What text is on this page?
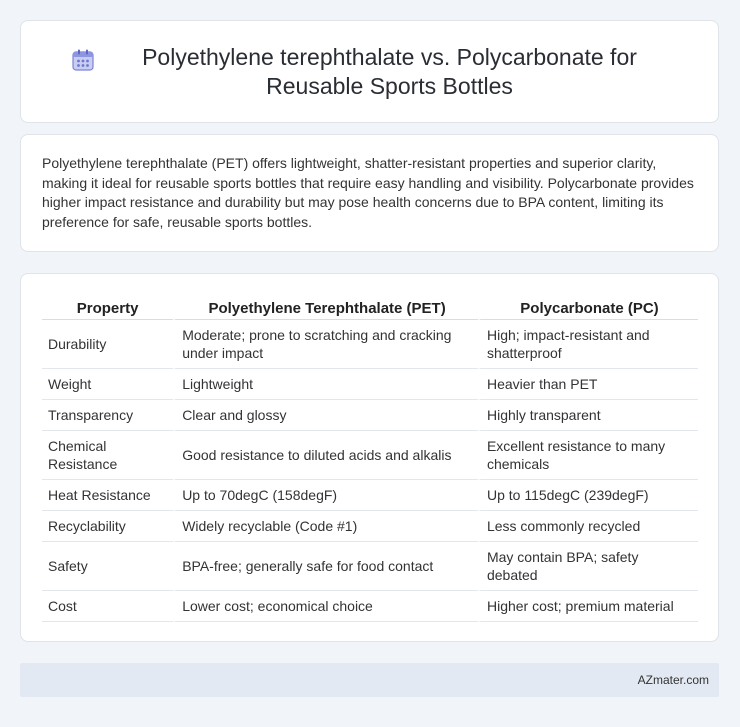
Polyethylene terephthalate vs. Polycarbonate for Reusable Sports Bottles

Polyethylene terephthalate (PET) offers lightweight, shatter-resistant properties and superior clarity, making it ideal for reusable sports bottles that require easy handling and visibility. Polycarbonate provides higher impact resistance and durability but may pose health concerns due to BPA content, limiting its preference for safe, reusable sports bottles.

Property	Polyethylene Terephthalate (PET)	Polycarbonate (PC)
Durability	Moderate; prone to scratching and cracking under impact	High; impact-resistant and shatterproof
Weight	Lightweight	Heavier than PET
Transparency	Clear and glossy	Highly transparent
Chemical Resistance	Good resistance to diluted acids and alkalis	Excellent resistance to many chemicals
Heat Resistance	Up to 70degC (158degF)	Up to 115degC (239degF)
Recyclability	Widely recyclable (Code #1)	Less commonly recycled
Safety	BPA-free; generally safe for food contact	May contain BPA; safety debated
Cost	Lower cost; economical choice	Higher cost; premium material
AZmater.com
